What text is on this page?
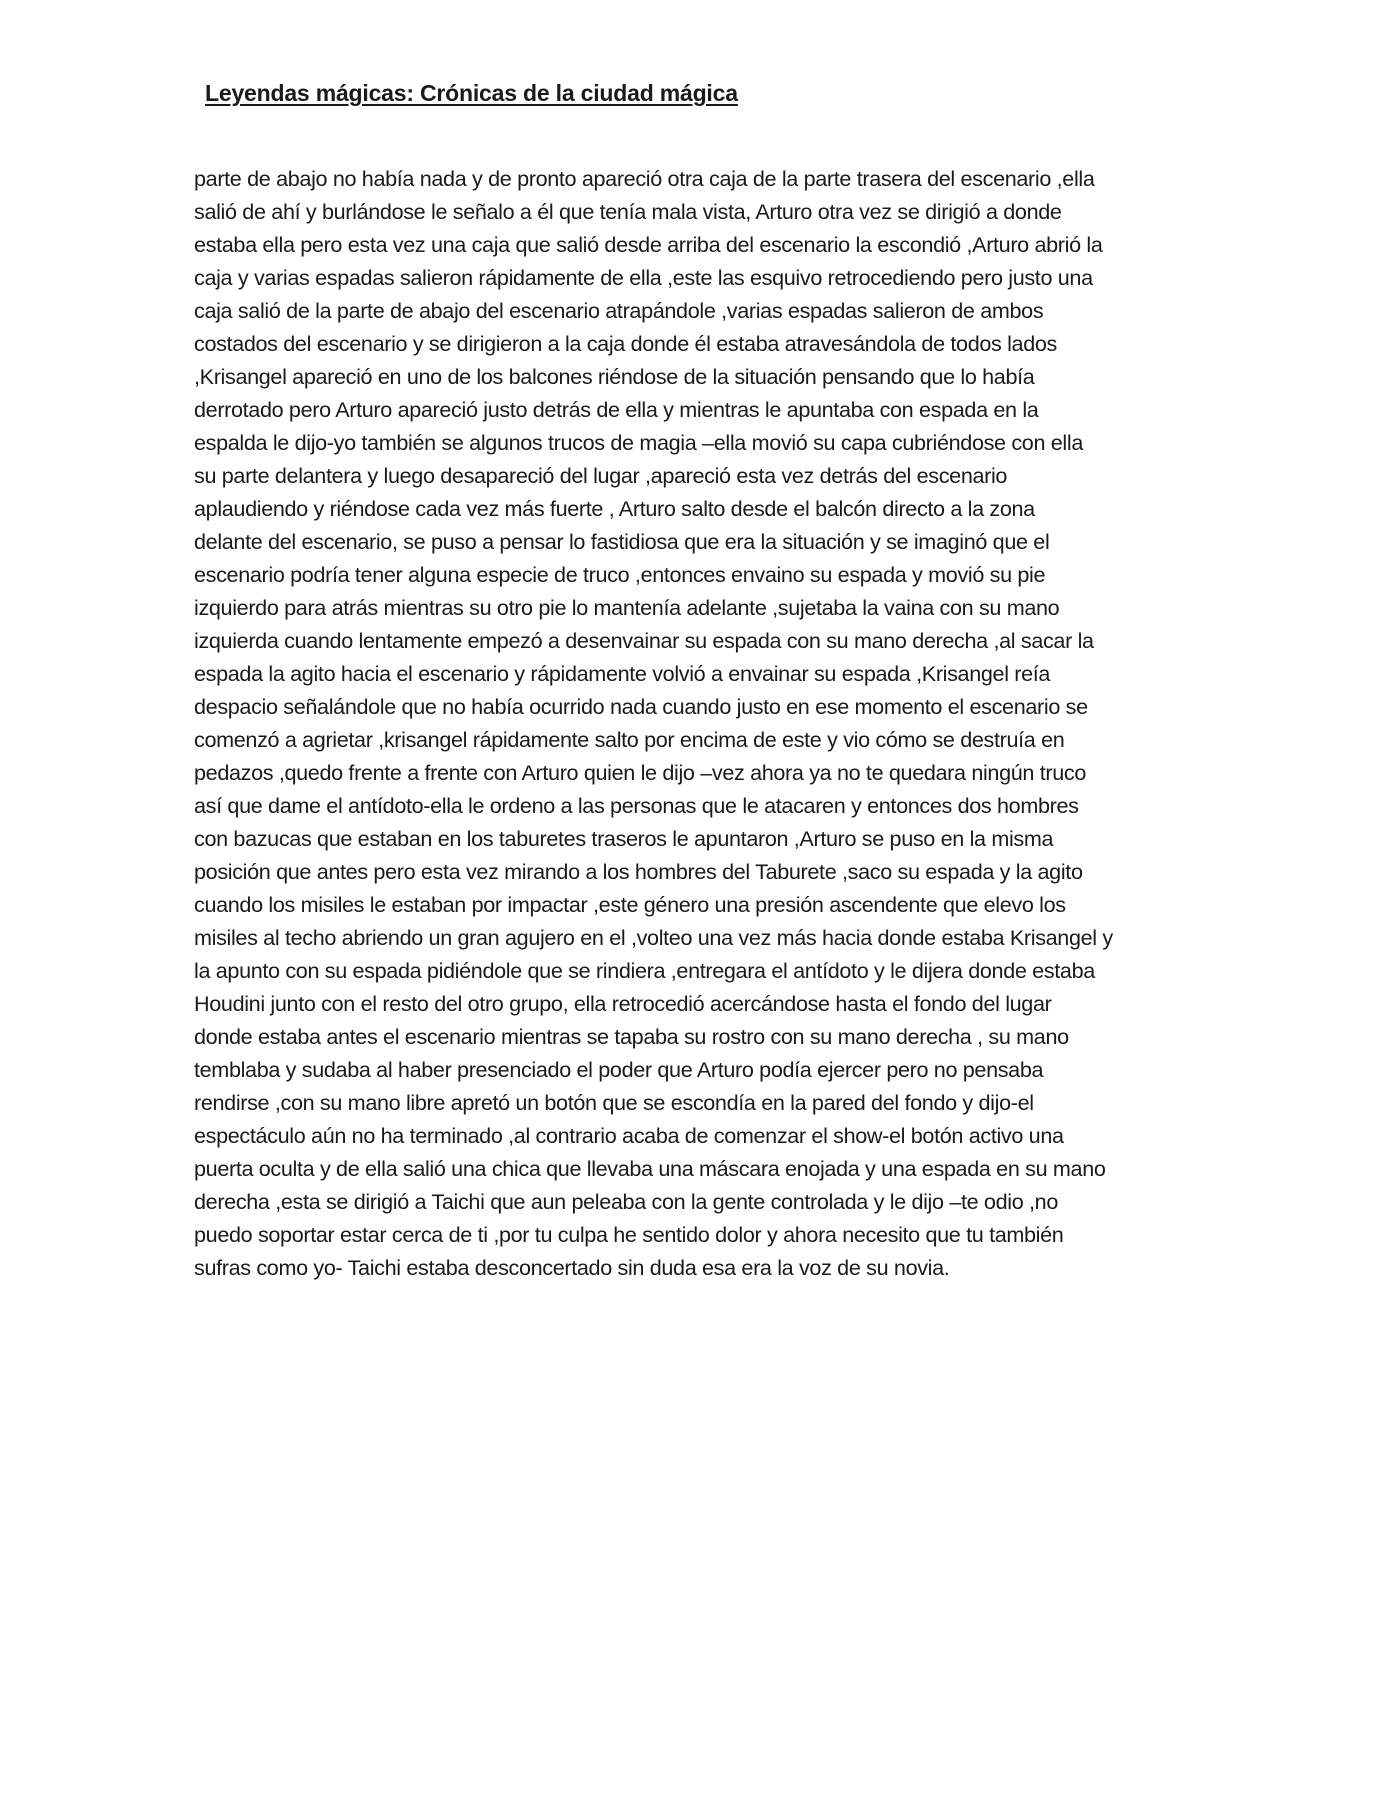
Leyendas mágicas: Crónicas de la ciudad mágica
parte de abajo no había nada y de pronto apareció otra caja de la parte trasera del escenario ,ella
salió de ahí y burlándose le señalo a él que tenía mala vista, Arturo otra vez se dirigió a donde
estaba ella pero esta vez una caja que salió desde arriba del escenario la escondió ,Arturo abrió la
caja y varias espadas salieron rápidamente de ella ,este las esquivo retrocediendo pero justo una
caja salió de la parte de abajo del escenario atrapándole ,varias espadas salieron de ambos
costados del escenario y se dirigieron a la caja donde él estaba atravesándola de todos lados
,Krisangel apareció en uno de los balcones riéndose de la situación pensando que lo había
derrotado pero Arturo apareció justo detrás de ella y mientras le apuntaba con espada en la
espalda le dijo-yo también se algunos trucos de magia –ella movió su capa cubriéndose con ella
su parte delantera y luego desapareció del lugar ,apareció esta vez detrás del escenario
aplaudiendo y riéndose cada vez más fuerte , Arturo salto desde el balcón directo a la zona
delante del escenario, se puso a pensar lo fastidiosa que era la situación y se imaginó que el
escenario podría tener alguna especie de truco ,entonces envaino su espada y movió su pie
izquierdo para atrás mientras su otro pie lo mantenía adelante ,sujetaba la vaina con su mano
izquierda cuando lentamente empezó a desenvainar su espada con su mano derecha ,al sacar la
espada la agito hacia el escenario y rápidamente volvió a envainar su espada ,Krisangel reía
despacio señalándole que no había ocurrido nada cuando justo en ese momento el escenario se
comenzó a agrietar ,krisangel rápidamente salto por encima de este y vio cómo se destruía en
pedazos ,quedo frente a frente con Arturo quien le dijo –vez ahora ya no te quedara ningún truco
así que dame el antídoto-ella le ordeno a las personas que le atacaren y entonces dos hombres
con bazucas que estaban en los taburetes traseros le apuntaron ,Arturo se puso en la misma
posición que antes pero esta vez mirando a los hombres del Taburete ,saco su espada y la agito
cuando los misiles le estaban por impactar ,este género una presión ascendente que elevo los
misiles al techo abriendo un gran agujero en el ,volteo una vez más hacia donde estaba Krisangel y
la apunto con su espada pidiéndole que se rindiera ,entregara el antídoto y le dijera donde estaba
Houdini junto con el resto del otro grupo, ella retrocedió acercándose hasta el fondo del lugar
donde estaba antes el escenario mientras se tapaba su rostro con su mano derecha , su mano
temblaba y sudaba al haber presenciado el poder que Arturo podía ejercer pero no pensaba
rendirse ,con su mano libre apretó un botón que se escondía en la pared del fondo y dijo-el
espectáculo aún no ha terminado ,al contrario acaba de comenzar el show-el botón activo una
puerta oculta y de ella salió una chica que llevaba una máscara enojada y una espada en su mano
derecha ,esta se dirigió a Taichi que aun peleaba con la gente controlada y le dijo –te odio ,no
puedo soportar estar cerca de ti ,por tu culpa he sentido dolor y ahora necesito que tu también
sufras como yo- Taichi estaba desconcertado sin duda esa era la voz de su novia.
